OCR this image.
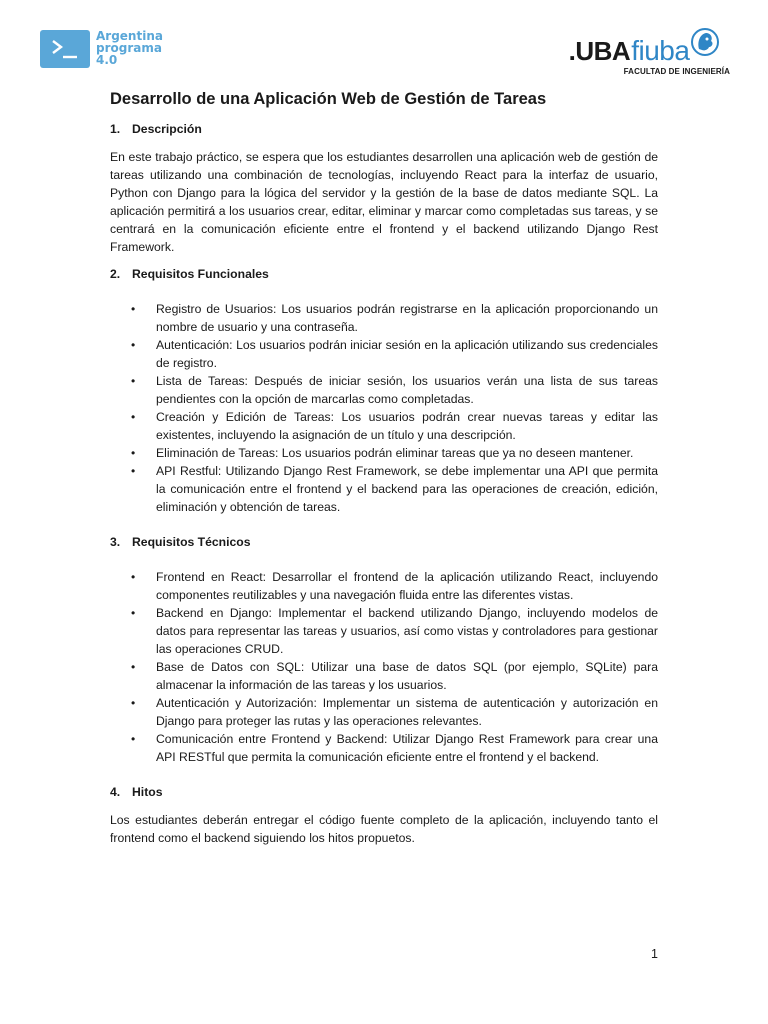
Argentina
programa
4.0	.UBA fiuba
FACULTAD DE INGENIERÍA
Desarrollo de una Aplicación Web de Gestión de Tareas
1. Descripción

En este trabajo práctico, se espera que los estudiantes desarrollen una aplicación web de gestión de tareas utilizando una combinación de tecnologías, incluyendo React para la interfaz de usuario, Python con Django para la lógica del servidor y la gestión de la base de datos mediante SQL. La aplicación permitirá a los usuarios crear, editar, eliminar y marcar como completadas sus tareas, y se centrará en la comunicación eficiente entre el frontend y el backend utilizando Django Rest Framework.

2. Requisitos Funcionales
• Registro de Usuarios: Los usuarios podrán registrarse en la aplicación proporcionando un nombre de usuario y una contraseña.
• Autenticación: Los usuarios podrán iniciar sesión en la aplicación utilizando sus credenciales de registro.
• Lista de Tareas: Después de iniciar sesión, los usuarios verán una lista de sus tareas pendientes con la opción de marcarlas como completadas.
• Creación y Edición de Tareas: Los usuarios podrán crear nuevas tareas y editar las existentes, incluyendo la asignación de un título y una descripción.
• Eliminación de Tareas: Los usuarios podrán eliminar tareas que ya no deseen mantener.
• API Restful: Utilizando Django Rest Framework, se debe implementar una API que permita la comunicación entre el frontend y el backend para las operaciones de creación, edición, eliminación y obtención de tareas.
3. Requisitos Técnicos
• Frontend en React: Desarrollar el frontend de la aplicación utilizando React, incluyendo componentes reutilizables y una navegación fluida entre las diferentes vistas.
• Backend en Django: Implementar el backend utilizando Django, incluyendo modelos de datos para representar las tareas y usuarios, así como vistas y controladores para gestionar las operaciones CRUD.
• Base de Datos con SQL: Utilizar una base de datos SQL (por ejemplo, SQLite) para almacenar la información de las tareas y los usuarios.
• Autenticación y Autorización: Implementar un sistema de autenticación y autorización en Django para proteger las rutas y las operaciones relevantes.
• Comunicación entre Frontend y Backend: Utilizar Django Rest Framework para crear una API RESTful que permita la comunicación eficiente entre el frontend y el backend.
4. Hitos

Los estudiantes deberán entregar el código fuente completo de la aplicación, incluyendo tanto el frontend como el backend siguiendo los hitos propuetos.

1
